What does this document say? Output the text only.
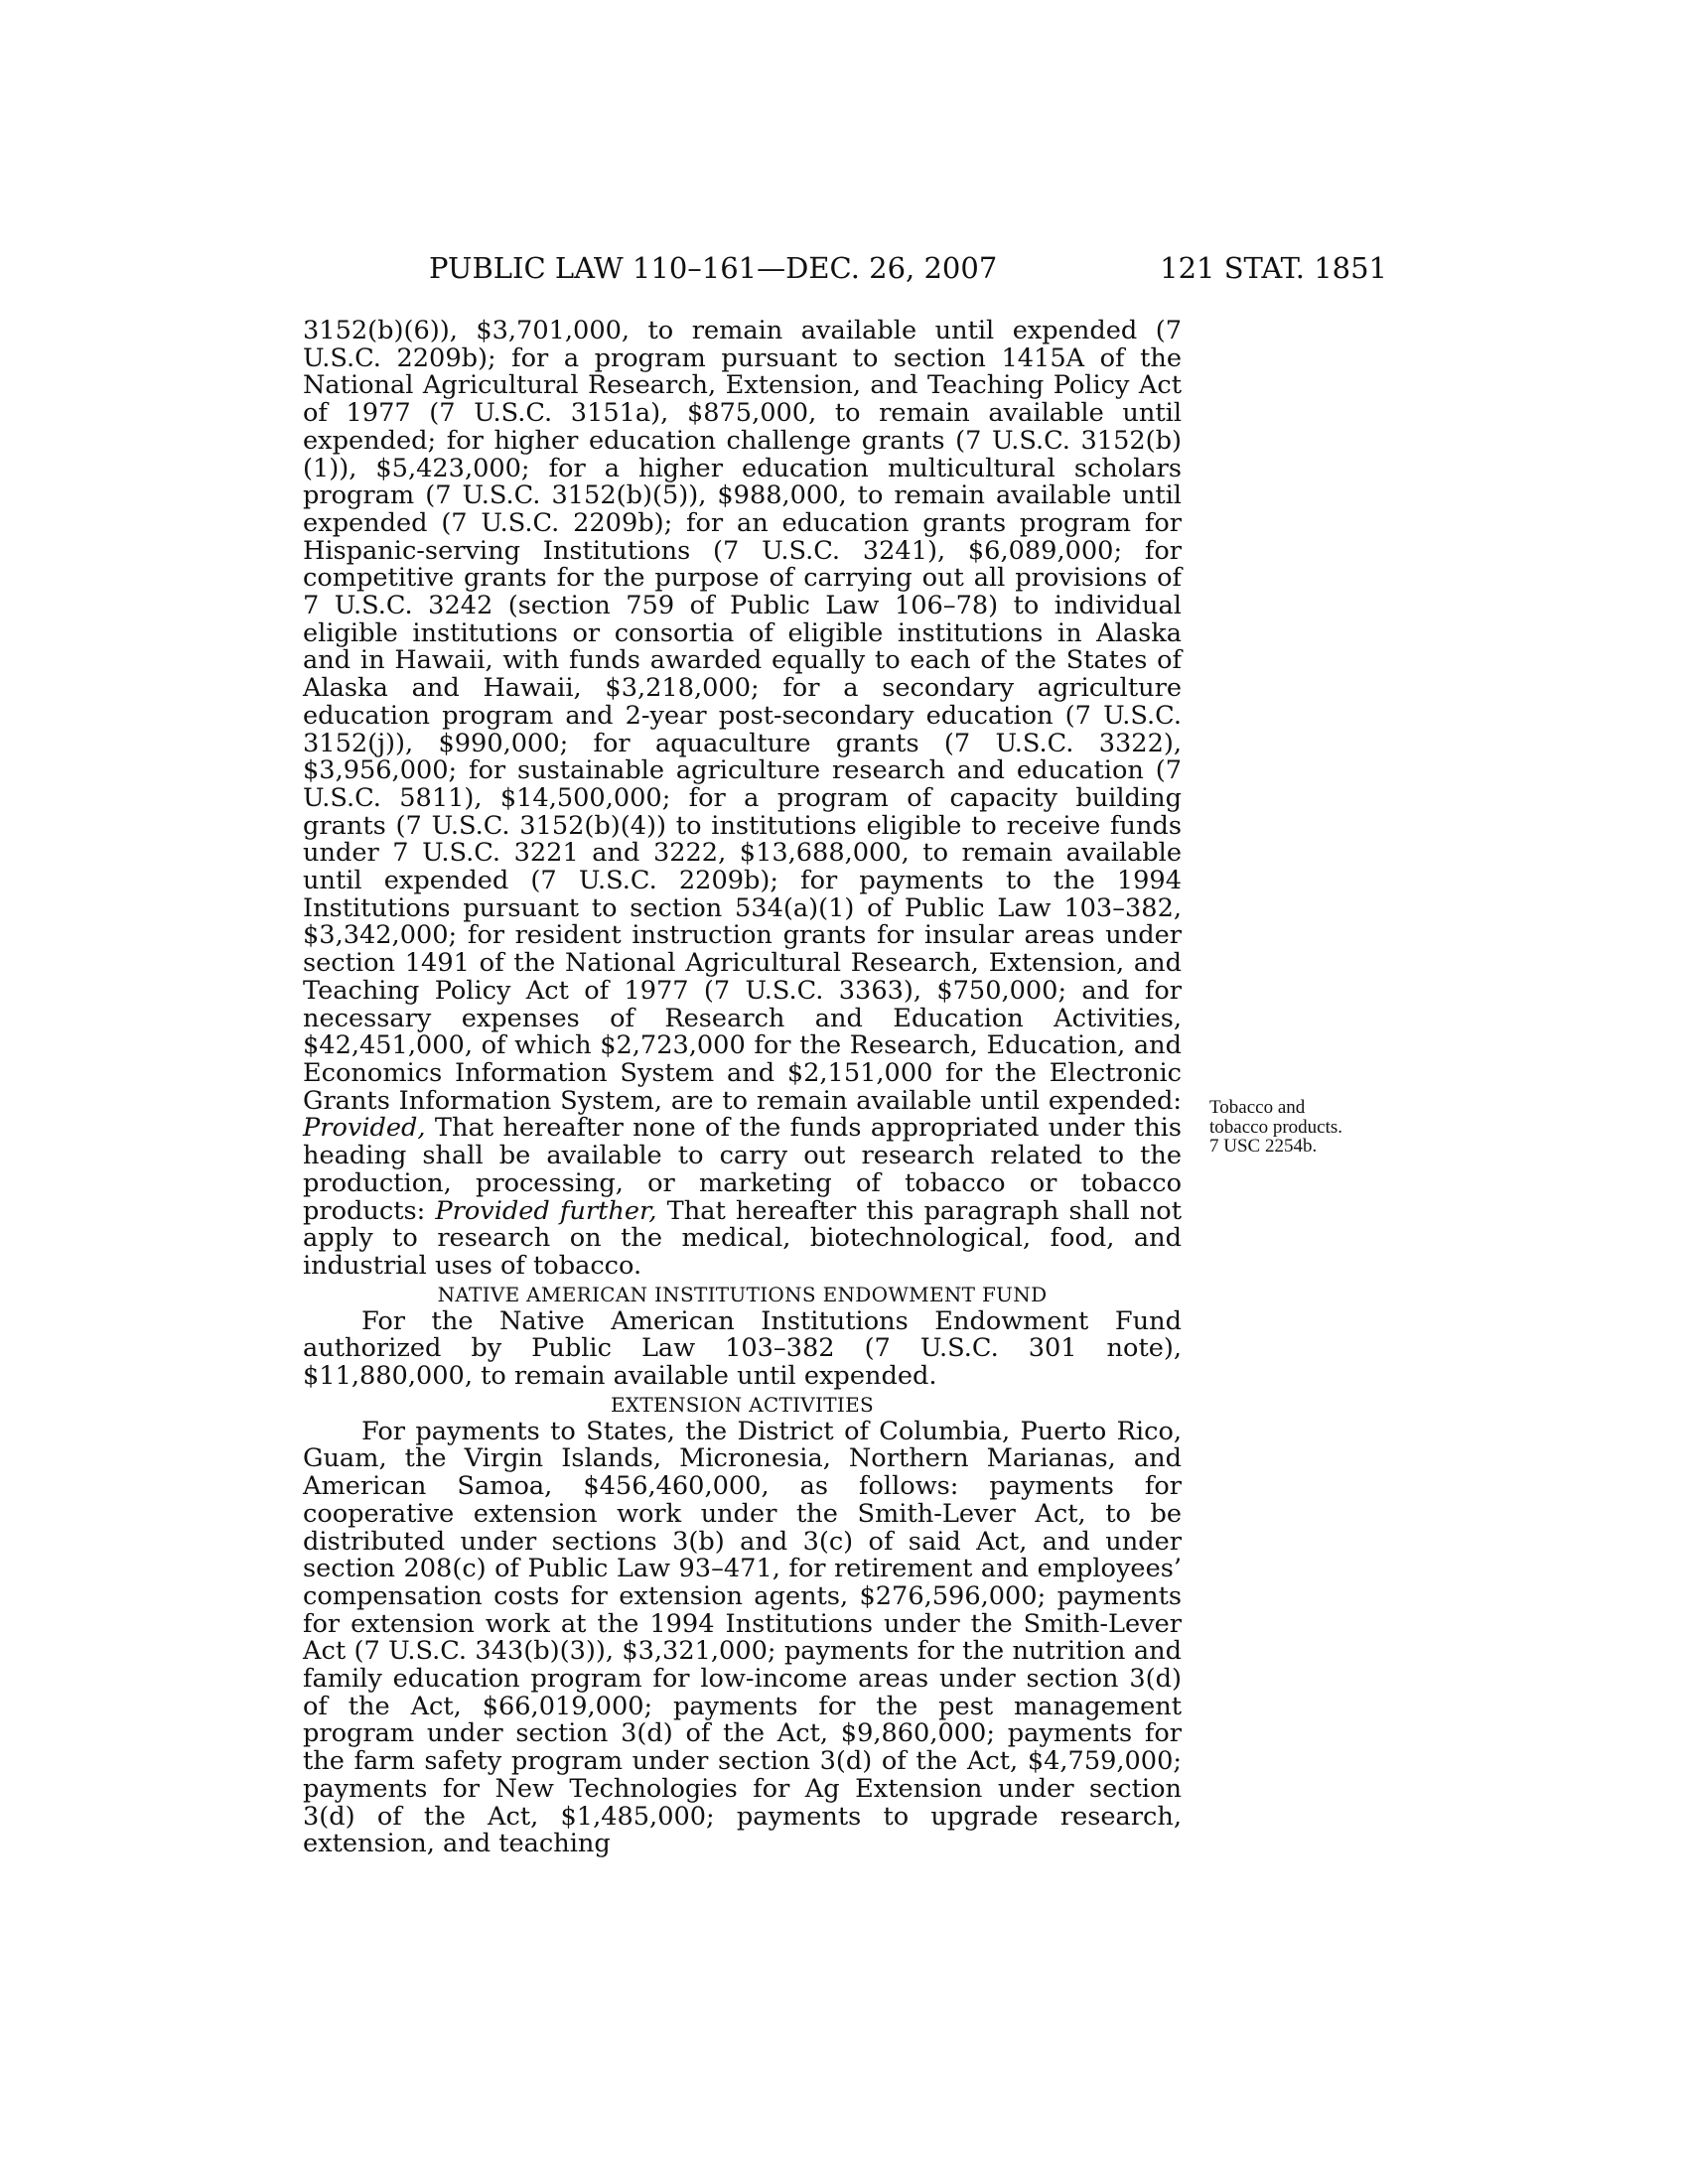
PUBLIC LAW 110–161—DEC. 26, 2007	121 STAT. 1851

3152(b)(6)), $3,701,000, to remain available until expended (7 U.S.C. 2209b); for a program pursuant to section 1415A of the National Agricultural Research, Extension, and Teaching Policy Act of 1977 (7 U.S.C. 3151a), $875,000, to remain available until expended; for higher education challenge grants (7 U.S.C. 3152(b)(1)), $5,423,000; for a higher education multicultural scholars program (7 U.S.C. 3152(b)(5)), $988,000, to remain available until expended (7 U.S.C. 2209b); for an education grants program for Hispanic-serving Institutions (7 U.S.C. 3241), $6,089,000; for competitive grants for the purpose of carrying out all provisions of 7 U.S.C. 3242 (section 759 of Public Law 106–78) to individual eligible institutions or consortia of eligible institutions in Alaska and in Hawaii, with funds awarded equally to each of the States of Alaska and Hawaii, $3,218,000; for a secondary agriculture education program and 2-year post-secondary education (7 U.S.C. 3152(j)), $990,000; for aquaculture grants (7 U.S.C. 3322), $3,956,000; for sustainable agriculture research and education (7 U.S.C. 5811), $14,500,000; for a program of capacity building grants (7 U.S.C. 3152(b)(4)) to institutions eligible to receive funds under 7 U.S.C. 3221 and 3222, $13,688,000, to remain available until expended (7 U.S.C. 2209b); for payments to the 1994 Institutions pursuant to section 534(a)(1) of Public Law 103–382, $3,342,000; for resident instruction grants for insular areas under section 1491 of the National Agricultural Research, Extension, and Teaching Policy Act of 1977 (7 U.S.C. 3363), $750,000; and for necessary expenses of Research and Education Activities, $42,451,000, of which $2,723,000 for the Research, Education, and Economics Information System and $2,151,000 for the Electronic Grants Information System, are to remain available until expended: Provided, That hereafter none of the funds appropriated under this heading shall be available to carry out research related to the production, processing, or marketing of tobacco or tobacco products: Provided further, That hereafter this paragraph shall not apply to research on the medical, biotechnological, food, and industrial uses of tobacco.

NATIVE AMERICAN INSTITUTIONS ENDOWMENT FUND

For the Native American Institutions Endowment Fund authorized by Public Law 103–382 (7 U.S.C. 301 note), $11,880,000, to remain available until expended.

EXTENSION ACTIVITIES

For payments to States, the District of Columbia, Puerto Rico, Guam, the Virgin Islands, Micronesia, Northern Marianas, and American Samoa, $456,460,000, as follows: payments for cooperative extension work under the Smith-Lever Act, to be distributed under sections 3(b) and 3(c) of said Act, and under section 208(c) of Public Law 93–471, for retirement and employees’ compensation costs for extension agents, $276,596,000; payments for extension work at the 1994 Institutions under the Smith-Lever Act (7 U.S.C. 343(b)(3)), $3,321,000; payments for the nutrition and family education program for low-income areas under section 3(d) of the Act, $66,019,000; payments for the pest management program under section 3(d) of the Act, $9,860,000; payments for the farm safety program under section 3(d) of the Act, $4,759,000; payments for New Technologies for Ag Extension under section 3(d) of the Act, $1,485,000; payments to upgrade research, extension, and teaching

Tobacco and
tobacco products.
7 USC 2254b.
